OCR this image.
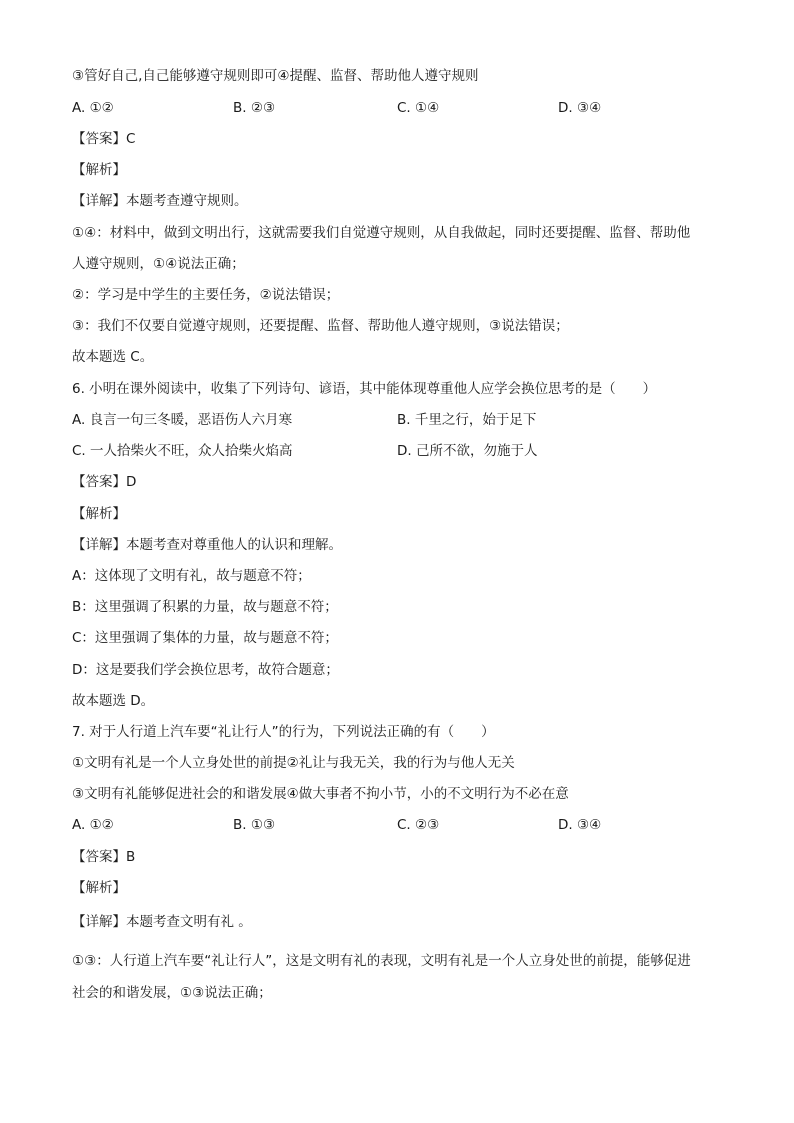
③管好自己,自己能够遵守规则即可④提醒、监督、帮助他人遵守规则
A. ①②	B. ②③	C. ①④	D. ③④
【答案】C
【解析】
【详解】本题考查遵守规则。
①④：材料中，做到文明出行，这就需要我们自觉遵守规则，从自我做起，同时还要提醒、监督、帮助他
人遵守规则，①④说法正确；
②：学习是中学生的主要任务，②说法错误；
③：我们不仅要自觉遵守规则，还要提醒、监督、帮助他人遵守规则，③说法错误；
故本题选 C。
6. 小明在课外阅读中，收集了下列诗句、谚语，其中能体现尊重他人应学会换位思考的是（　　）
A. 良言一句三冬暖，恶语伤人六月寒	B. 千里之行，始于足下
C. 一人拾柴火不旺，众人拾柴火焰高	D. 己所不欲，勿施于人
【答案】D
【解析】
【详解】本题考查对尊重他人的认识和理解。
A：这体现了文明有礼，故与题意不符；
B：这里强调了积累的力量，故与题意不符；
C：这里强调了集体的力量，故与题意不符；
D：这是要我们学会换位思考，故符合题意；
故本题选 D。
7. 对于人行道上汽车要“礼让行人”的行为，下列说法正确的有（　　）
①文明有礼是一个人立身处世的前提②礼让与我无关，我的行为与他人无关
③文明有礼能够促进社会的和谐发展④做大事者不拘小节，小的不文明行为不必在意
A. ①②	B. ①③	C. ②③	D. ③④
【答案】B
【解析】
【详解】本题考查文明有礼 。
①③：人行道上汽车要“礼让行人”，这是文明有礼的表现，文明有礼是一个人立身处世的前提，能够促进
社会的和谐发展，①③说法正确；
